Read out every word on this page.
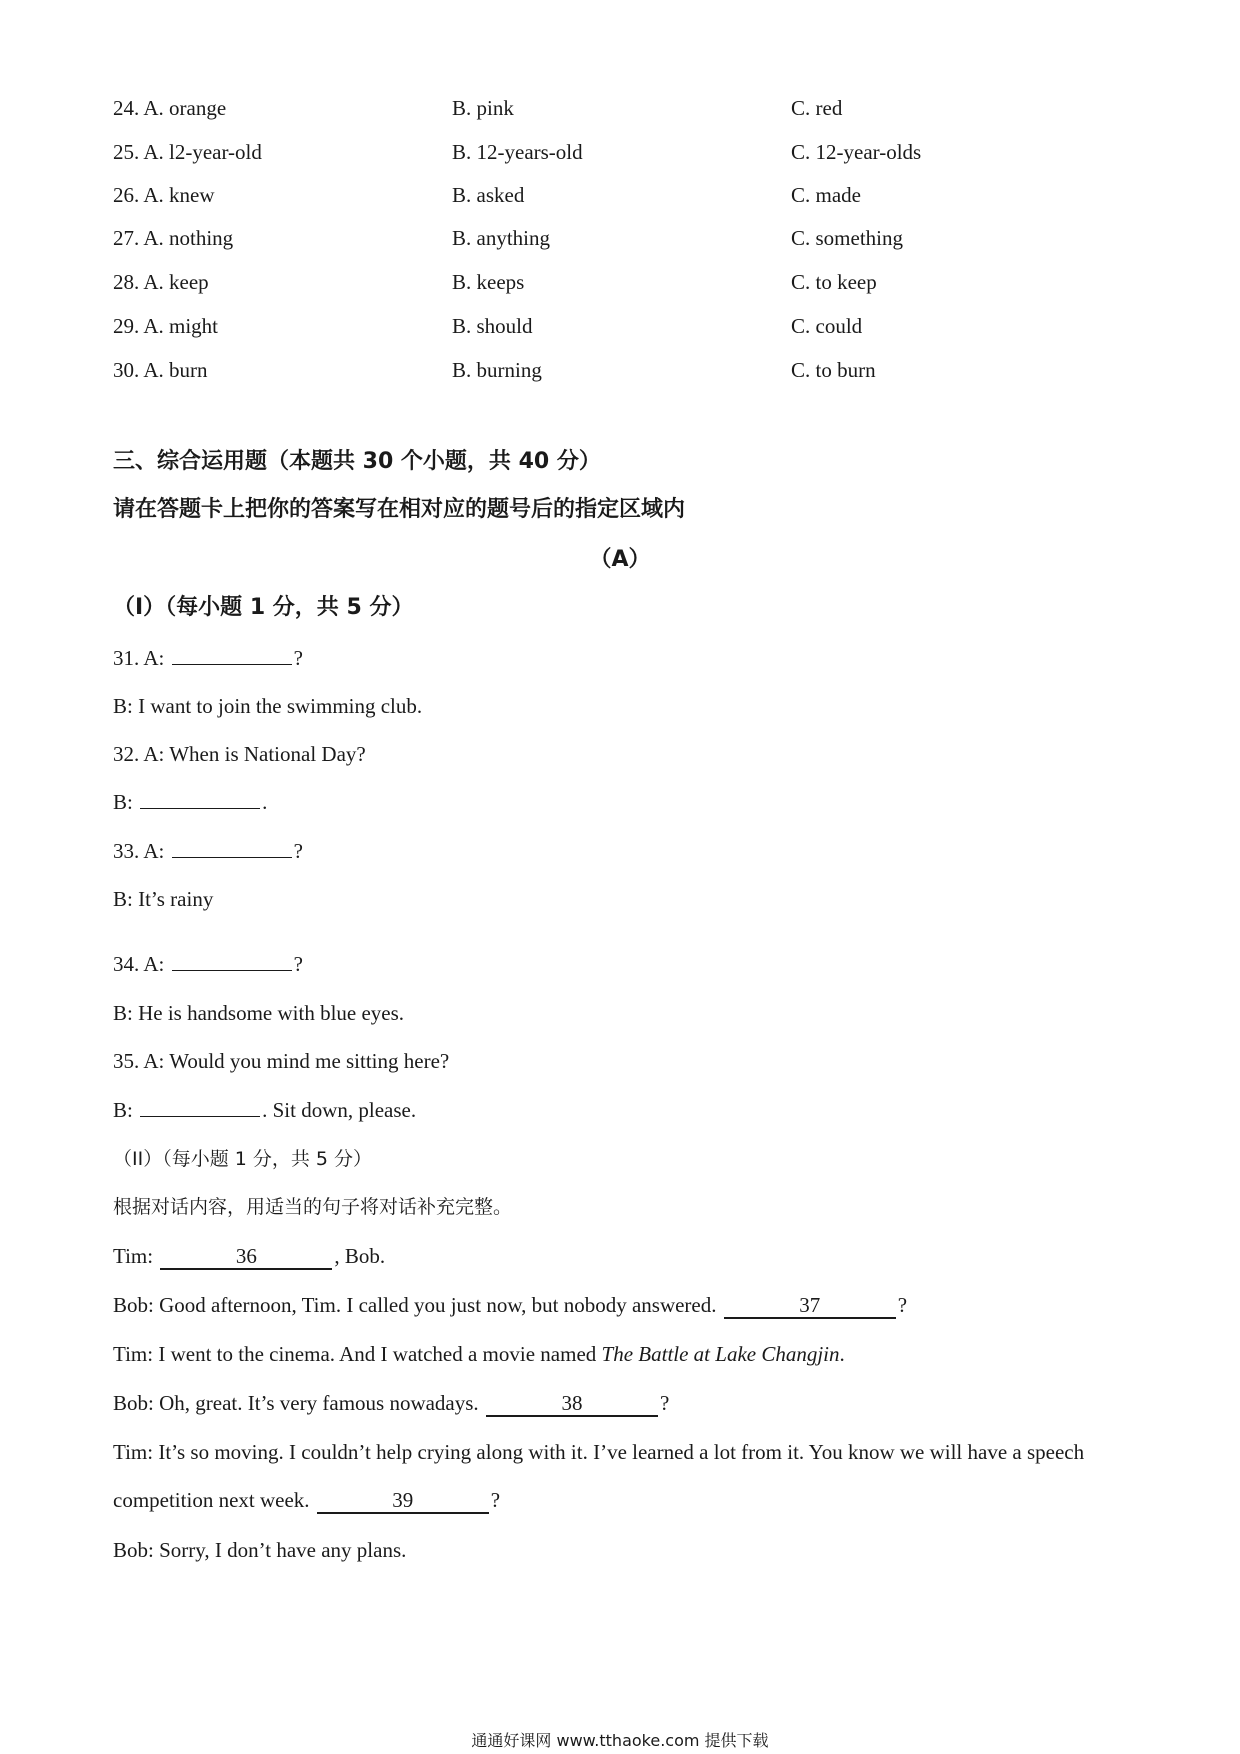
24. A. orange	B. pink	C. red
25. A. l2-year-old	B. 12-years-old	C. 12-year-olds
26. A. knew	B. asked	C. made
27. A. nothing	B. anything	C. something
28. A. keep	B. keeps	C. to keep
29. A. might	B. should	C. could
30. A. burn	B. burning	C. to burn
三、综合运用题（本题共 30 个小题，共 40 分）
请在答题卡上把你的答案写在相对应的题号后的指定区域内
（A）
（I）（每小题 1 分，共 5 分）
31. A:	?
B: I want to join the swimming club.
32. A: When is National Day?
B:	.
33. A:	?
B: It’s rainy
34. A:	?
B: He is handsome with blue eyes.
35. A: Would you mind me sitting here?
B:	. Sit down, please.
（II）（每小题 1 分，共 5 分）
根据对话内容，用适当的句子将对话补充完整。
Tim:	36	, Bob.
Bob: Good afternoon, Tim. I called you just now, but nobody answered.	37	?
Tim: I went to the cinema. And I watched a movie named The Battle at Lake Changjin.
Bob: Oh, great. It’s very famous nowadays.	38	?
Tim: It’s so moving. I couldn’t help crying along with it. I’ve learned a lot from it. You know we will have a speech
competition next week.	39	?
Bob: Sorry, I don’t have any plans.
通通好课网 www.tthaoke.com 提供下载
